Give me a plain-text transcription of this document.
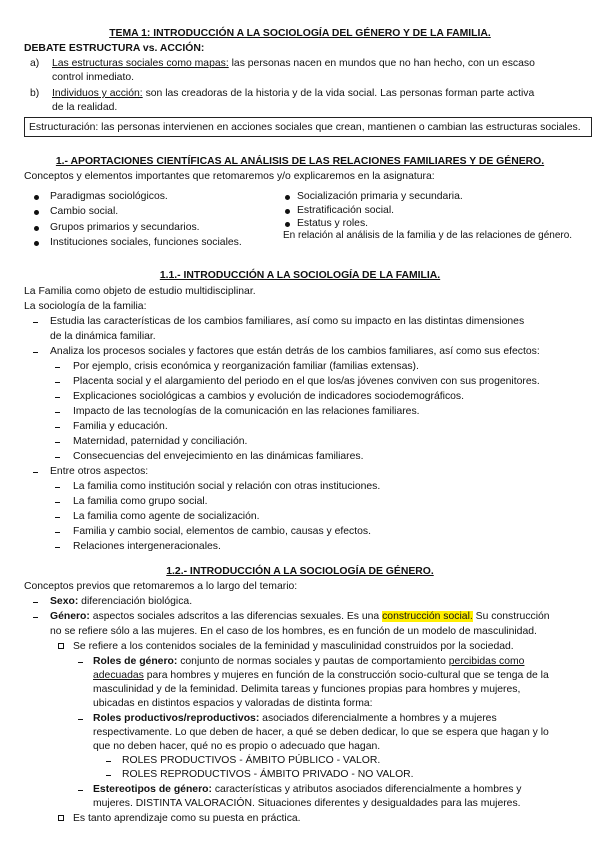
TEMA 1: INTRODUCCIÓN A LA SOCIOLOGÍA DEL GÉNERO Y DE LA FAMILIA.
DEBATE ESTRUCTURA vs. ACCIÓN:
a) Las estructuras sociales como mapas: las personas nacen en mundos que no han hecho, con un escaso
control inmediato.
b) Individuos y acción: son las creadoras de la historia y de la vida social. Las personas forman parte activa
de la realidad.
Estructuración: las personas intervienen en acciones sociales que crean, mantienen o cambian las estructuras sociales.
1.- APORTACIONES CIENTÍFICAS AL ANÁLISIS DE LAS RELACIONES FAMILIARES Y DE GÉNERO.
Conceptos y elementos importantes que retomaremos y/o explicaremos en la asignatura:
Paradigmas sociológicos.
Cambio social.
Grupos primarios y secundarios.
Instituciones sociales, funciones sociales.
Socialización primaria y secundaria.
Estratificación social.
Estatus y roles.
En relación al análisis de la familia y de las relaciones de género.
1.1.- INTRODUCCIÓN A LA SOCIOLOGÍA DE LA FAMILIA.
La Familia como objeto de estudio multidisciplinar.
La sociología de la familia:
Estudia las características de los cambios familiares, así como su impacto en las distintas dimensiones
de la dinámica familiar.
Analiza los procesos sociales y factores que están detrás de los cambios familiares, así como sus efectos:
Por ejemplo, crisis económica y reorganización familiar (familias extensas).
Placenta social y el alargamiento del periodo en el que los/as jóvenes conviven con sus progenitores.
Explicaciones sociológicas a cambios y evolución de indicadores sociodemográficos.
Impacto de las tecnologías de la comunicación en las relaciones familiares.
Familia y educación.
Maternidad, paternidad y conciliación.
Consecuencias del envejecimiento en las dinámicas familiares.
Entre otros aspectos:
La familia como institución social y relación con otras instituciones.
La familia como grupo social.
La familia como agente de socialización.
Familia y cambio social, elementos de cambio, causas y efectos.
Relaciones intergeneracionales.
1.2.- INTRODUCCIÓN A LA SOCIOLOGÍA DE GÉNERO.
Conceptos previos que retomaremos a lo largo del temario:
Sexo: diferenciación biológica.
Género: aspectos sociales adscritos a las diferencias sexuales. Es una construcción social. Su construcción
no se refiere sólo a las mujeres. En el caso de los hombres, es en función de un modelo de masculinidad.
Se refiere a los contenidos sociales de la feminidad y masculinidad construidos por la sociedad.
Roles de género: conjunto de normas sociales y pautas de comportamiento percibidas como
adecuadas para hombres y mujeres en función de la construcción socio-cultural que se tenga de la
masculinidad y de la feminidad. Delimita tareas y funciones propias para hombres y mujeres,
ubicadas en distintos espacios y valoradas de distinta forma:
Roles productivos/reproductivos: asociados diferencialmente a hombres y a mujeres
respectivamente. Lo que deben de hacer, a qué se deben dedicar, lo que se espera que hagan y lo
que no deben hacer, qué no es propio o adecuado que hagan.
ROLES PRODUCTIVOS - ÁMBITO PÚBLICO - VALOR.
ROLES REPRODUCTIVOS - ÁMBITO PRIVADO - NO VALOR.
Estereotipos de género: características y atributos asociados diferencialmente a hombres y
mujeres. DISTINTA VALORACIÓN. Situaciones diferentes y desigualdades para las mujeres.
Es tanto aprendizaje como su puesta en práctica.
